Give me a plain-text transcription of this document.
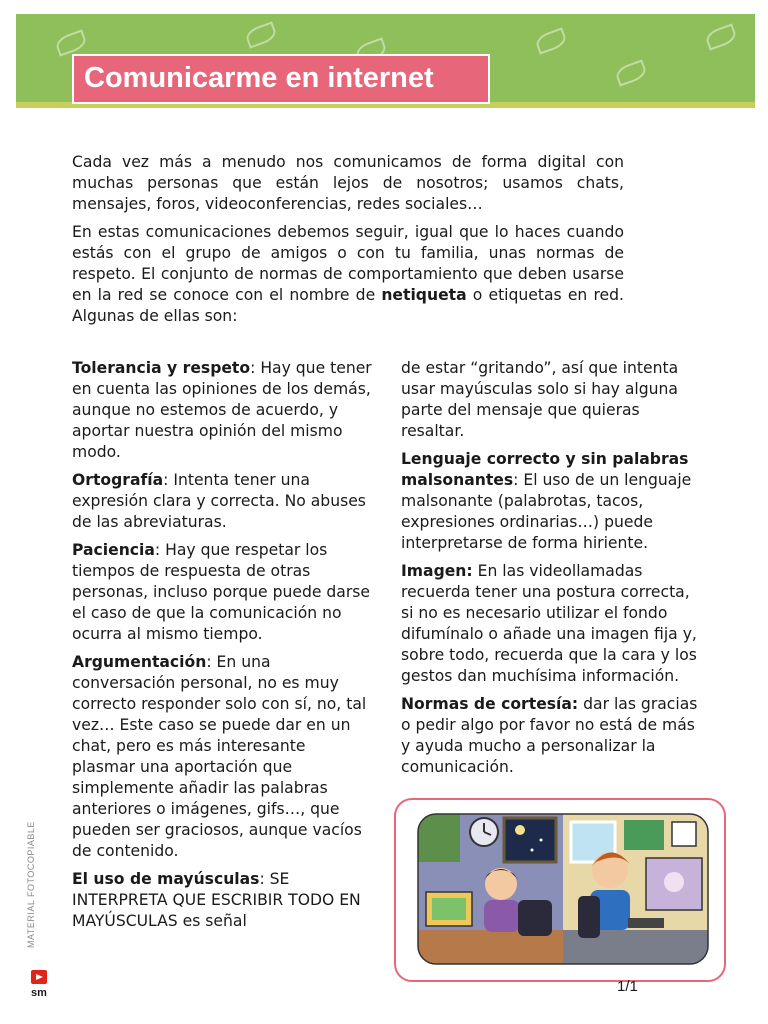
Comunicarme en internet

Cada vez más a menudo nos comunicamos de forma digital con muchas personas que están lejos de nosotros; usamos chats, mensajes, foros, videoconferencias, redes sociales…

En estas comunicaciones debemos seguir, igual que lo haces cuando estás con el grupo de amigos o con tu familia, unas normas de respeto. El conjunto de normas de comportamiento que deben usarse en la red se conoce con el nombre de netiqueta o etiquetas en red. Algunas de ellas son:

Tolerancia y respeto: Hay que tener en cuenta las opiniones de los demás, aunque no estemos de acuerdo, y aportar nuestra opinión del mismo modo.

Ortografía: Intenta tener una expresión clara y correcta. No abuses de las abreviaturas.

Paciencia: Hay que respetar los tiempos de respuesta de otras personas, incluso porque puede darse el caso de que la comunicación no ocurra al mismo tiempo.

Argumentación: En una conversación personal, no es muy correcto responder solo con sí, no, tal vez… Este caso se puede dar en un chat, pero es más interesante plasmar una aportación que simplemente añadir las palabras anteriores o imágenes, gifs…, que pueden ser graciosos, aunque vacíos de contenido.

El uso de mayúsculas: SE INTERPRETA QUE ESCRIBIR TODO EN MAYÚSCULAS es señal

de estar “gritando”, así que intenta usar mayúsculas solo si hay alguna parte del mensaje que quieras resaltar.

Lenguaje correcto y sin palabras malsonantes: El uso de un lenguaje malsonante (palabrotas, tacos, expresiones ordinarias…) puede interpretarse de forma hiriente.

Imagen: En las videollamadas recuerda tener una postura correcta, si no es necesario utilizar el fondo difumínalo o añade una imagen fija y, sobre todo, recuerda que la cara y los gestos dan muchísima información.

Normas de cortesía: dar las gracias o pedir algo por favor no está de más y ayuda mucho a personalizar la comunicación.

MATERIAL FOTOCOPIABLE
sm	1/1
